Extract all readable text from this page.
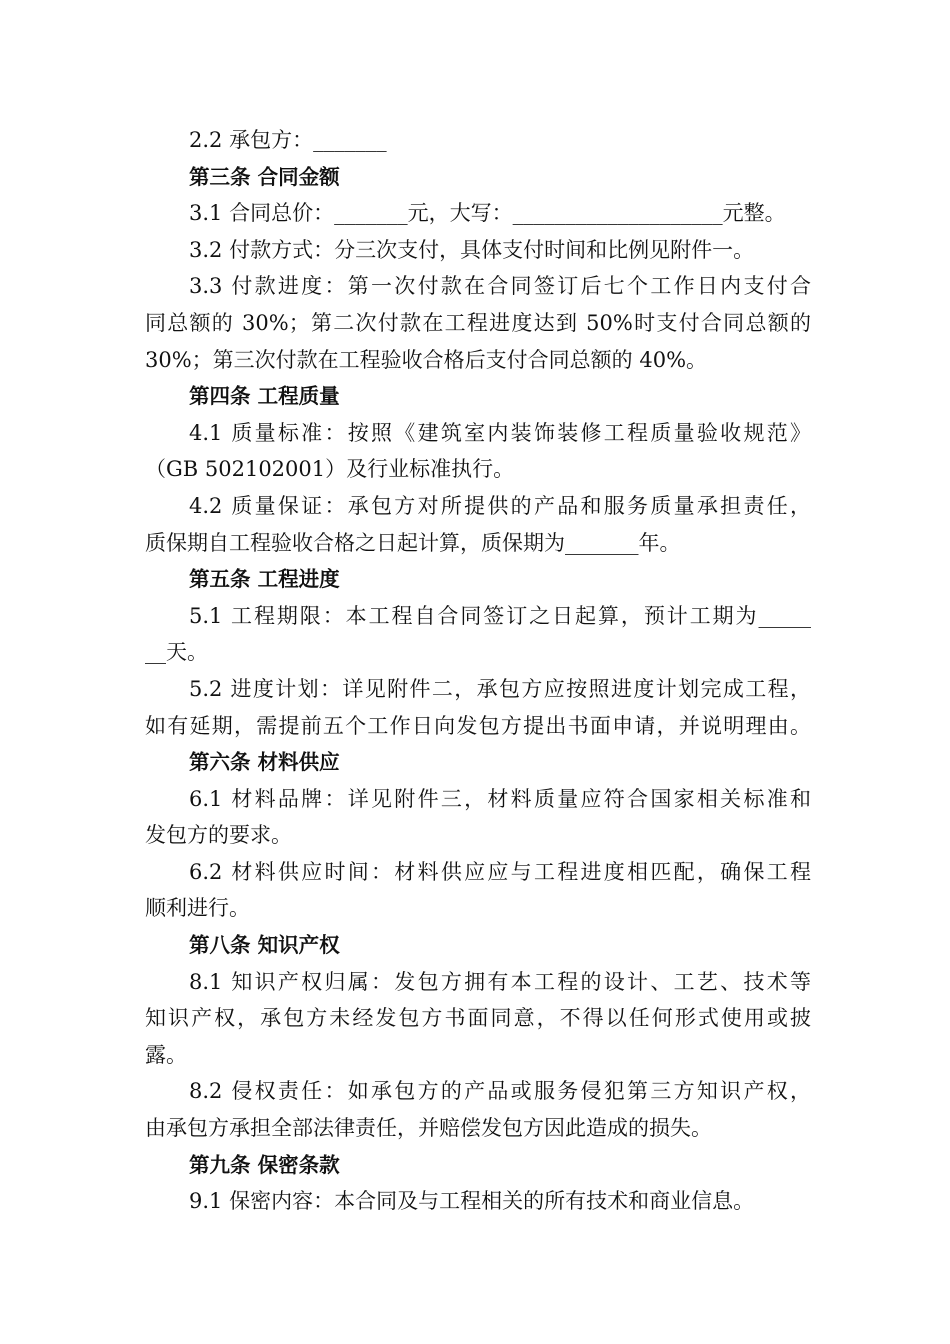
2.2 承包方：_______
第三条 合同金额
3.1 合同总价：_______元，大写：____________________元整。
3.2 付款方式：分三次支付，具体支付时间和比例见附件一。
3.3 付款进度：第一次付款在合同签订后七个工作日内支付合
同总额的 30%；第二次付款在工程进度达到 50%时支付合同总额的
30%；第三次付款在工程验收合格后支付合同总额的 40%。
第四条 工程质量
4.1 质量标准：按照《建筑室内装饰装修工程质量验收规范》
（GB 502102001）及行业标准执行。
4.2 质量保证：承包方对所提供的产品和服务质量承担责任，
质保期自工程验收合格之日起计算，质保期为_______年。
第五条 工程进度
5.1 工程期限：本工程自合同签订之日起算，预计工期为_____
__天。
5.2 进度计划：详见附件二，承包方应按照进度计划完成工程，
如有延期，需提前五个工作日向发包方提出书面申请，并说明理由。
第六条 材料供应
6.1 材料品牌：详见附件三，材料质量应符合国家相关标准和
发包方的要求。
6.2 材料供应时间：材料供应应与工程进度相匹配，确保工程
顺利进行。
第八条 知识产权
8.1 知识产权归属：发包方拥有本工程的设计、工艺、技术等
知识产权，承包方未经发包方书面同意，不得以任何形式使用或披
露。
8.2 侵权责任：如承包方的产品或服务侵犯第三方知识产权，
由承包方承担全部法律责任，并赔偿发包方因此造成的损失。
第九条 保密条款
9.1 保密内容：本合同及与工程相关的所有技术和商业信息。
